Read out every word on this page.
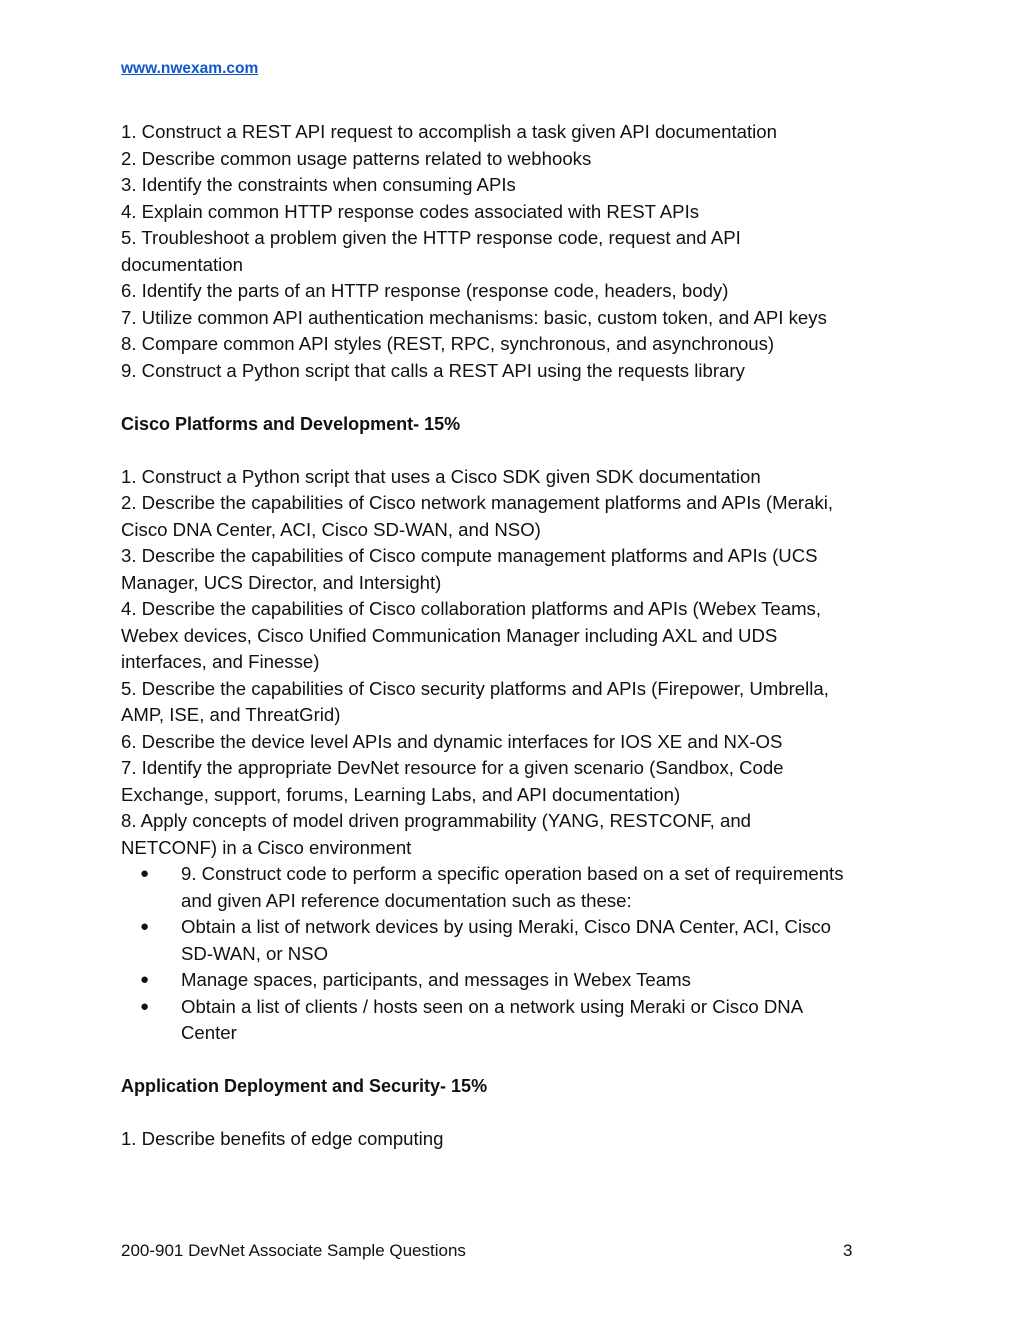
www.nwexam.com
1. Construct a REST API request to accomplish a task given API documentation
2. Describe common usage patterns related to webhooks
3. Identify the constraints when consuming APIs
4. Explain common HTTP response codes associated with REST APIs
5. Troubleshoot a problem given the HTTP response code, request and API
documentation
6. Identify the parts of an HTTP response (response code, headers, body)
7. Utilize common API authentication mechanisms: basic, custom token, and API keys
8. Compare common API styles (REST, RPC, synchronous, and asynchronous)
9. Construct a Python script that calls a REST API using the requests library
Cisco Platforms and Development- 15%
1. Construct a Python script that uses a Cisco SDK given SDK documentation
2. Describe the capabilities of Cisco network management platforms and APIs (Meraki,
Cisco DNA Center, ACI, Cisco SD-WAN, and NSO)
3. Describe the capabilities of Cisco compute management platforms and APIs (UCS
Manager, UCS Director, and Intersight)
4. Describe the capabilities of Cisco collaboration platforms and APIs (Webex Teams,
Webex devices, Cisco Unified Communication Manager including AXL and UDS
interfaces, and Finesse)
5. Describe the capabilities of Cisco security platforms and APIs (Firepower, Umbrella,
AMP, ISE, and ThreatGrid)
6. Describe the device level APIs and dynamic interfaces for IOS XE and NX-OS
7. Identify the appropriate DevNet resource for a given scenario (Sandbox, Code
Exchange, support, forums, Learning Labs, and API documentation)
8. Apply concepts of model driven programmability (YANG, RESTCONF, and
NETCONF) in a Cisco environment
● 9. Construct code to perform a specific operation based on a set of requirements
and given API reference documentation such as these:
● Obtain a list of network devices by using Meraki, Cisco DNA Center, ACI, Cisco
SD-WAN, or NSO
● Manage spaces, participants, and messages in Webex Teams
● Obtain a list of clients / hosts seen on a network using Meraki or Cisco DNA
Center
Application Deployment and Security- 15%
1. Describe benefits of edge computing
200-901 DevNet Associate Sample Questions	3
